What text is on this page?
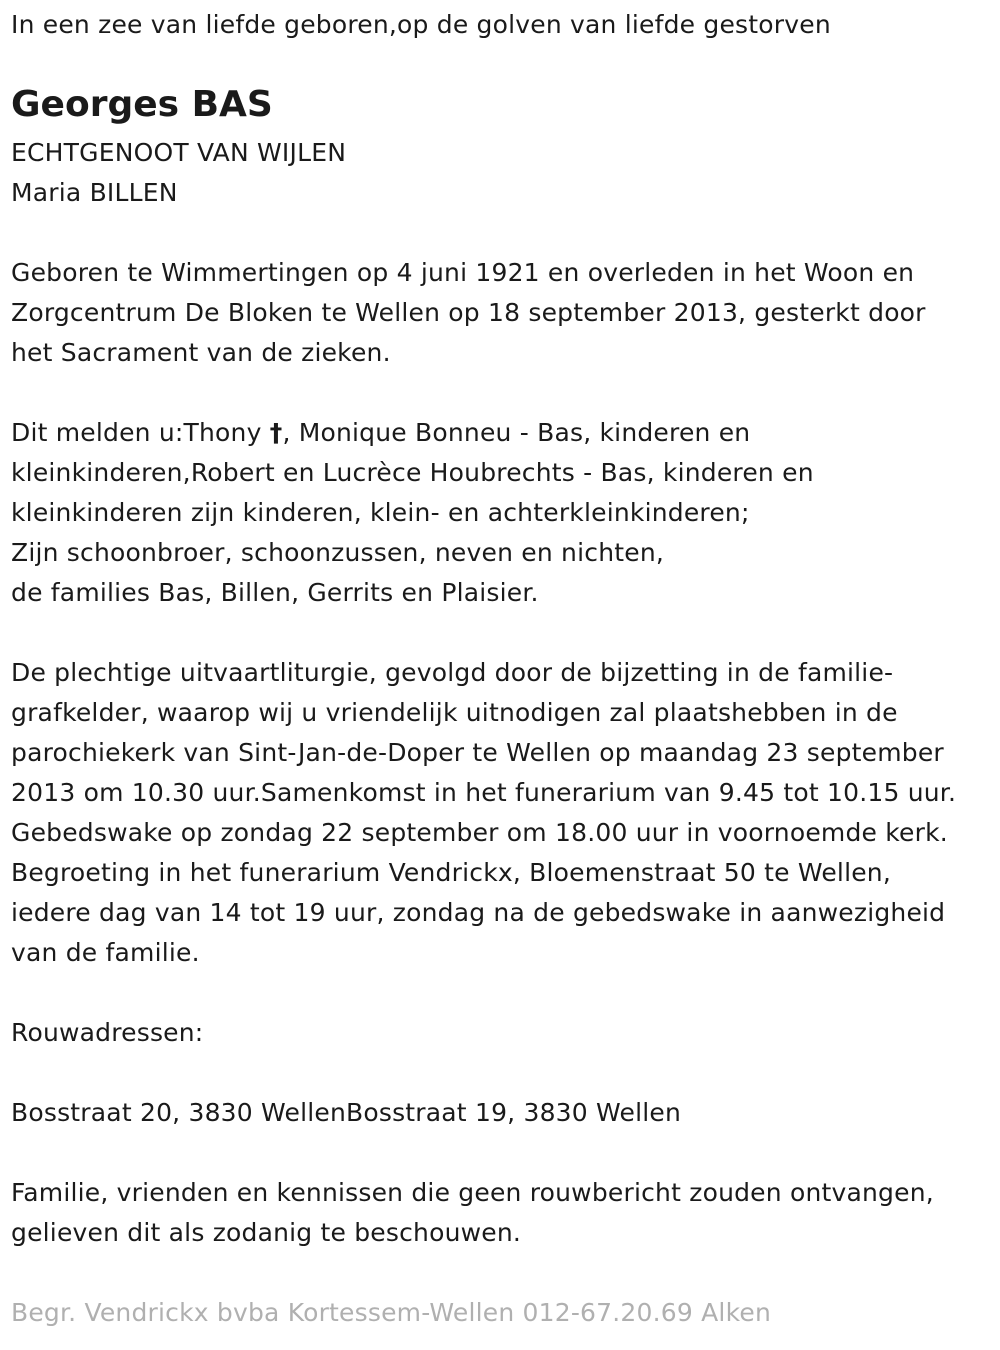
In een zee van liefde geboren,op de golven van liefde gestorven
Georges BAS
ECHTGENOOT VAN WIJLEN
Maria BILLEN
Geboren te Wimmertingen op 4 juni 1921 en overleden in het Woon en
Zorgcentrum De Bloken te Wellen op 18 september 2013, gesterkt door
het Sacrament van de zieken.
Dit melden u:Thony †, Monique Bonneu - Bas, kinderen en
kleinkinderen,Robert en Lucrèce Houbrechts - Bas, kinderen en
kleinkinderen zijn kinderen, klein- en achterkleinkinderen;
Zijn schoonbroer, schoonzussen, neven en nichten,
de families Bas, Billen, Gerrits en Plaisier.
De plechtige uitvaartliturgie, gevolgd door de bijzetting in de familie-
grafkelder, waarop wij u vriendelijk uitnodigen zal plaatshebben in de
parochiekerk van Sint-Jan-de-Doper te Wellen op maandag 23 september
2013 om 10.30 uur.Samenkomst in het funerarium van 9.45 tot 10.15 uur.
Gebedswake op zondag 22 september om 18.00 uur in voornoemde kerk.
Begroeting in het funerarium Vendrickx, Bloemenstraat 50 te Wellen,
iedere dag van 14 tot 19 uur, zondag na de gebedswake in aanwezigheid
van de familie.
Rouwadressen:
Bosstraat 20, 3830 WellenBosstraat 19, 3830 Wellen
Familie, vrienden en kennissen die geen rouwbericht zouden ontvangen,
gelieven dit als zodanig te beschouwen.
Begr. Vendrickx bvba Kortessem-Wellen 012-67.20.69 Alken
